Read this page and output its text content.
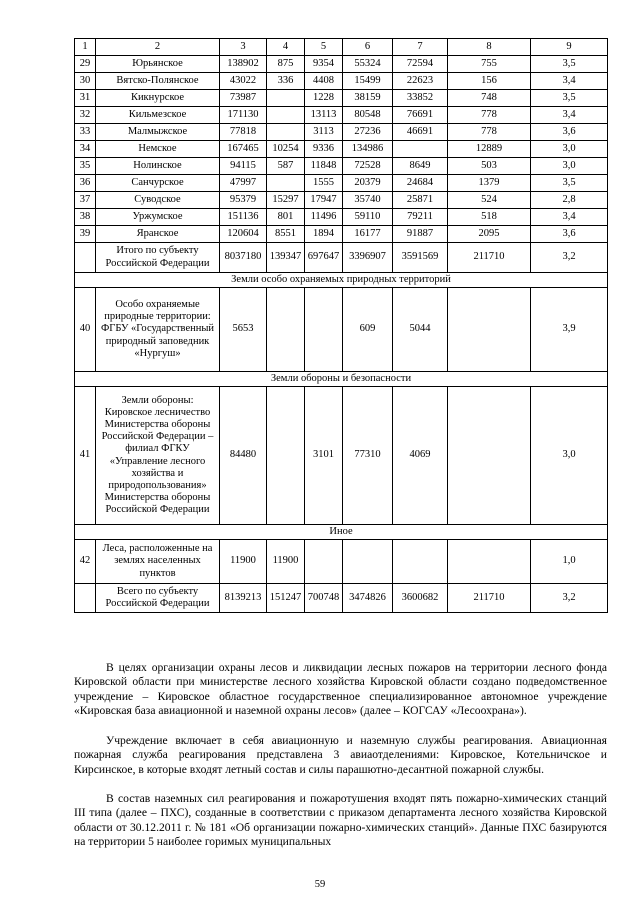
1	2	3	4	5	6	7	8	9
29	Юрьянское	138902	875	9354	55324	72594	755	3,5
30	Вятско-Полянское	43022	336	4408	15499	22623	156	3,4
31	Кикнурское	73987		1228	38159	33852	748	3,5
32	Кильмезское	171130		13113	80548	76691	778	3,4
33	Малмыжское	77818		3113	27236	46691	778	3,6
34	Немское	167465	10254	9336	134986		12889	3,0
35	Нолинское	94115	587	11848	72528	8649	503	3,0
36	Санчурское	47997		1555	20379	24684	1379	3,5
37	Суводское	95379	15297	17947	35740	25871	524	2,8
38	Уржумское	151136	801	11496	59110	79211	518	3,4
39	Яранское	120604	8551	1894	16177	91887	2095	3,6
	Итого по субъекту Российской Федерации	8037180	139347	697647	3396907	3591569	211710	3,2
Земли особо охраняемых природных территорий								
40	Особо охраняемые природные территории: ФГБУ «Государственный природный заповедник «Нургуш»	5653			609	5044		3,9
Земли обороны и безопасности								
41	Земли обороны: Кировское лесничество Министерства обороны Российской Федерации – филиал ФГКУ «Управление лесного хозяйства и природопользования» Министерства обороны Российской Федерации	84480		3101	77310	4069		3,0
Иное								
42	Леса, расположенные на землях населенных пунктов	11900	11900					1,0
	Всего по субъекту Российской Федерации	8139213	151247	700748	3474826	3600682	211710	3,2

В целях организации охраны лесов и ликвидации лесных пожаров на территории лесного фонда Кировской области при министерстве лесного хозяйства Кировской области создано подведомственное учреждение – Кировское областное государственное специализированное автономное учреждение «Кировская база авиационной и наземной охраны лесов» (далее – КОГСАУ «Лесоохрана»).

Учреждение включает в себя авиационную и наземную службы реагирования. Авиационная пожарная служба реагирования представлена 3 авиаотделениями: Кировское, Котельничское и Кирсинское, в которые входят летный состав и силы парашютно-десантной пожарной службы.

В состав наземных сил реагирования и пожаротушения входят пять пожарно-химических станций III типа (далее – ПХС), созданные в соответствии с приказом департамента лесного хозяйства Кировской области от 30.12.2011 г. № 181 «Об организации пожарно-химических станций». Данные ПХС базируются на территории 5 наиболее горимых муниципальных

59
